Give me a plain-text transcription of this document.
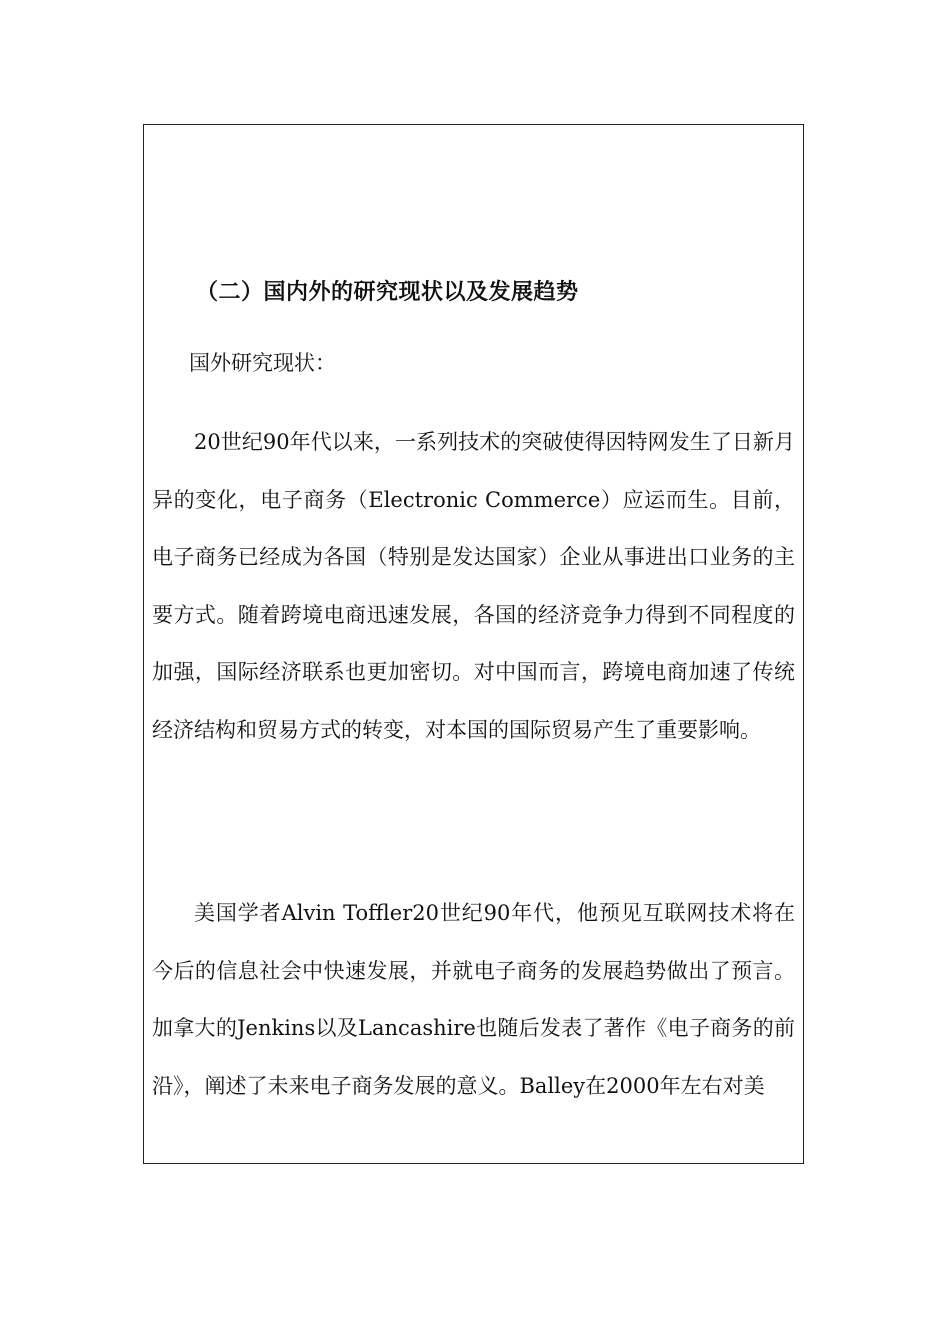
（二）国内外的研究现状以及发展趋势
国外研究现状：

20世纪90年代以来，一系列技术的突破使得因特网发生了日新月异的变化，电子商务（Electronic Commerce）应运而生。目前，电子商务已经成为各国（特别是发达国家）企业从事进出口业务的主要方式。随着跨境电商迅速发展，各国的经济竞争力得到不同程度的加强，国际经济联系也更加密切。对中国而言，跨境电商加速了传统经济结构和贸易方式的转变，对本国的国际贸易产生了重要影响。

美国学者Alvin Toffler20世纪90年代，他预见互联网技术将在今后的信息社会中快速发展，并就电子商务的发展趋势做出了预言。加拿大的Jenkins以及Lancashire也随后发表了著作《电子商务的前沿》，阐述了未来电子商务发展的意义。Balley在2000年左右对美
